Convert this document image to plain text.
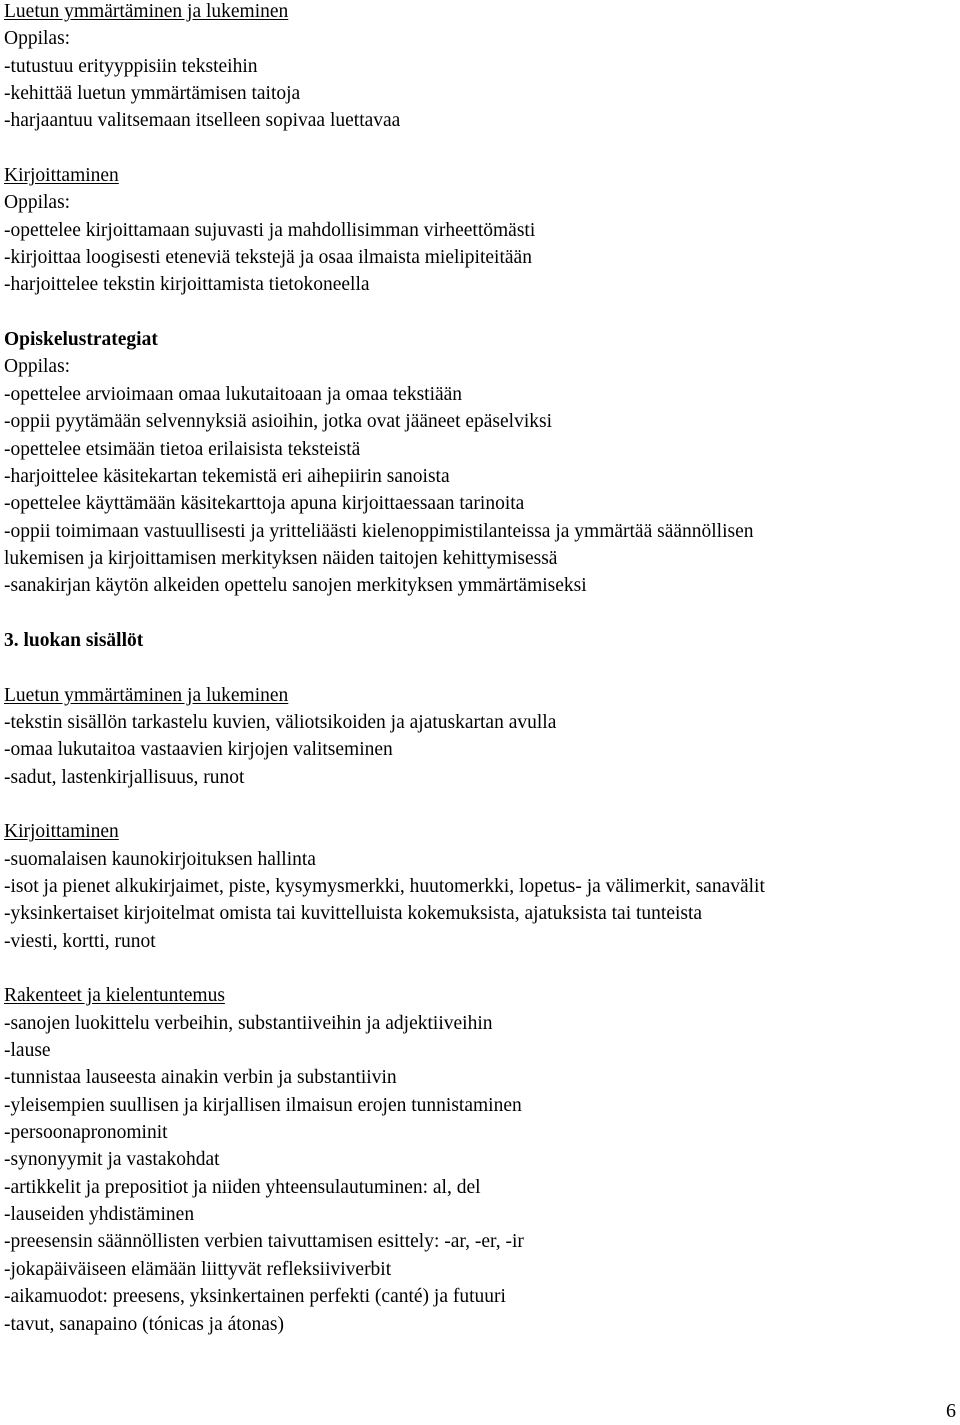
Luetun ymmärtäminen ja lukeminen
Oppilas:
-tutustuu erityyppisiin teksteihin
-kehittää luetun ymmärtämisen taitoja
-harjaantuu valitsemaan itselleen sopivaa luettavaa
Kirjoittaminen
Oppilas:
-opettelee kirjoittamaan sujuvasti ja mahdollisimman virheettömästi
-kirjoittaa loogisesti eteneviä tekstejä ja osaa ilmaista mielipiteitään
-harjoittelee tekstin kirjoittamista tietokoneella
Opiskelustrategiat
Oppilas:
-opettelee arvioimaan omaa lukutaitoaan ja omaa tekstiään
-oppii pyytämään selvennyksiä asioihin, jotka ovat jääneet epäselviksi
-opettelee etsimään tietoa erilaisista teksteistä
-harjoittelee käsitekartan tekemistä eri aihepiirin sanoista
-opettelee käyttämään käsitekarttoja apuna kirjoittaessaan tarinoita
-oppii toimimaan vastuullisesti ja yritteliäästi kielenoppimistilanteissa ja ymmärtää säännöllisen
lukemisen ja kirjoittamisen merkityksen näiden taitojen kehittymisessä
-sanakirjan käytön alkeiden opettelu sanojen merkityksen ymmärtämiseksi
3. luokan sisällöt
Luetun ymmärtäminen ja lukeminen
-tekstin sisällön tarkastelu kuvien, väliotsikoiden ja ajatuskartan avulla
-omaa lukutaitoa vastaavien kirjojen valitseminen
-sadut, lastenkirjallisuus, runot
Kirjoittaminen
-suomalaisen kaunokirjoituksen hallinta
-isot ja pienet alkukirjaimet, piste, kysymysmerkki, huutomerkki, lopetus- ja välimerkit, sanavälit
-yksinkertaiset kirjoitelmat omista tai kuvittelluista kokemuksista, ajatuksista tai tunteista
-viesti, kortti, runot
Rakenteet ja kielentuntemus
-sanojen luokittelu verbeihin, substantiiveihin ja adjektiiveihin
-lause
-tunnistaa lauseesta ainakin verbin ja substantiivin
-yleisempien suullisen ja kirjallisen ilmaisun erojen tunnistaminen
-persoonapronominit
-synonyymit ja vastakohdat
-artikkelit ja prepositiot ja niiden yhteensulautuminen: al, del
-lauseiden yhdistäminen
-preesensin säännöllisten verbien taivuttamisen esittely: -ar, -er, -ir
-jokapäiväiseen elämään liittyvät refleksiiviverbit
-aikamuodot: preesens, yksinkertainen perfekti (canté) ja futuuri
-tavut, sanapaino (tónicas ja átonas)
6
